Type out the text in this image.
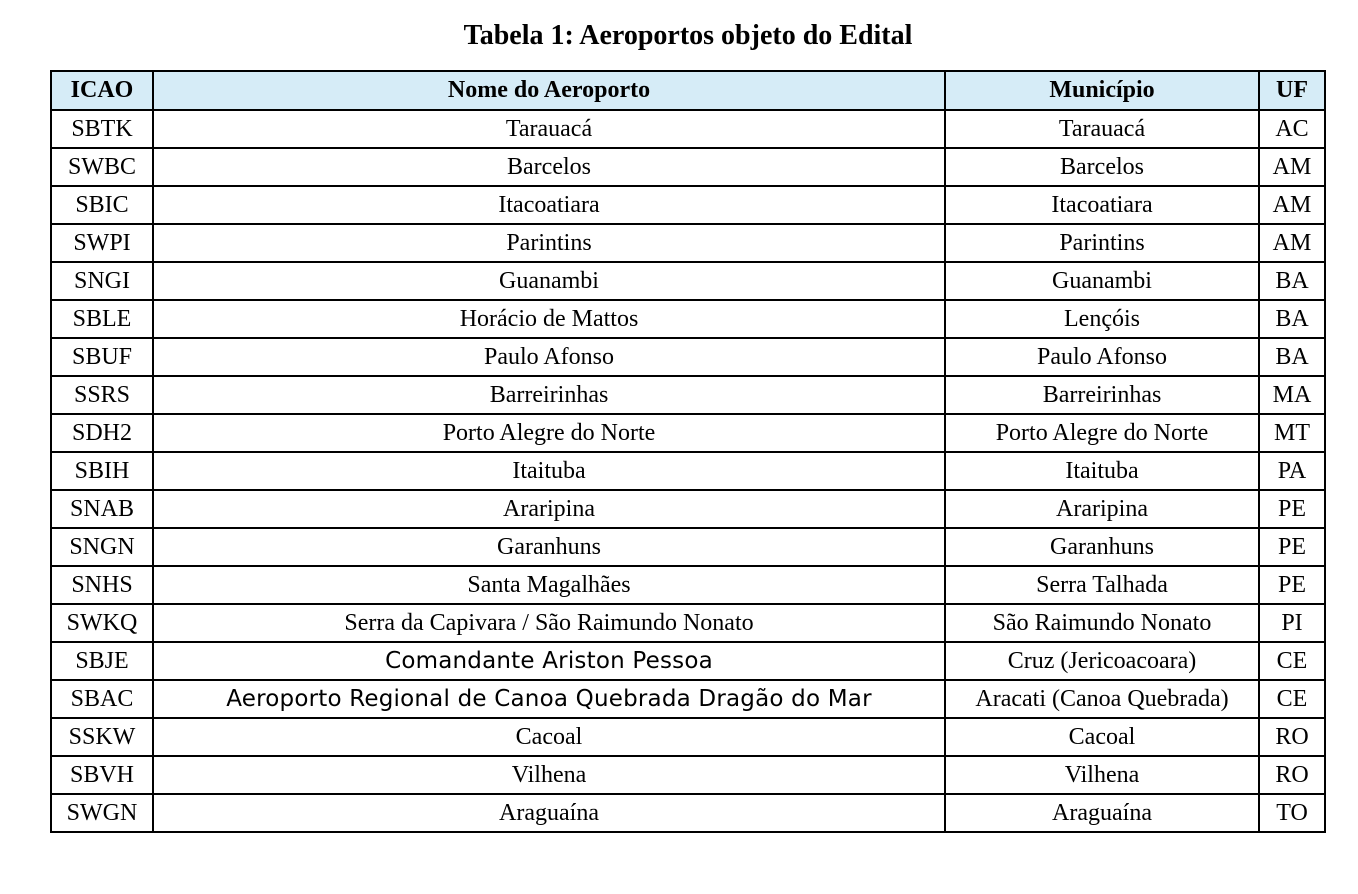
Tabela 1: Aeroportos objeto do Edital
ICAO	Nome do Aeroporto	Município	UF
SBTK	Tarauacá	Tarauacá	AC
SWBC	Barcelos	Barcelos	AM
SBIC	Itacoatiara	Itacoatiara	AM
SWPI	Parintins	Parintins	AM
SNGI	Guanambi	Guanambi	BA
SBLE	Horácio de Mattos	Lençóis	BA
SBUF	Paulo Afonso	Paulo Afonso	BA
SSRS	Barreirinhas	Barreirinhas	MA
SDH2	Porto Alegre do Norte	Porto Alegre do Norte	MT
SBIH	Itaituba	Itaituba	PA
SNAB	Araripina	Araripina	PE
SNGN	Garanhuns	Garanhuns	PE
SNHS	Santa Magalhães	Serra Talhada	PE
SWKQ	Serra da Capivara / São Raimundo Nonato	São Raimundo Nonato	PI
SBJE	Comandante Ariston Pessoa	Cruz (Jericoacoara)	CE
SBAC	Aeroporto Regional de Canoa Quebrada Dragão do Mar	Aracati (Canoa Quebrada)	CE
SSKW	Cacoal	Cacoal	RO
SBVH	Vilhena	Vilhena	RO
SWGN	Araguaína	Araguaína	TO
